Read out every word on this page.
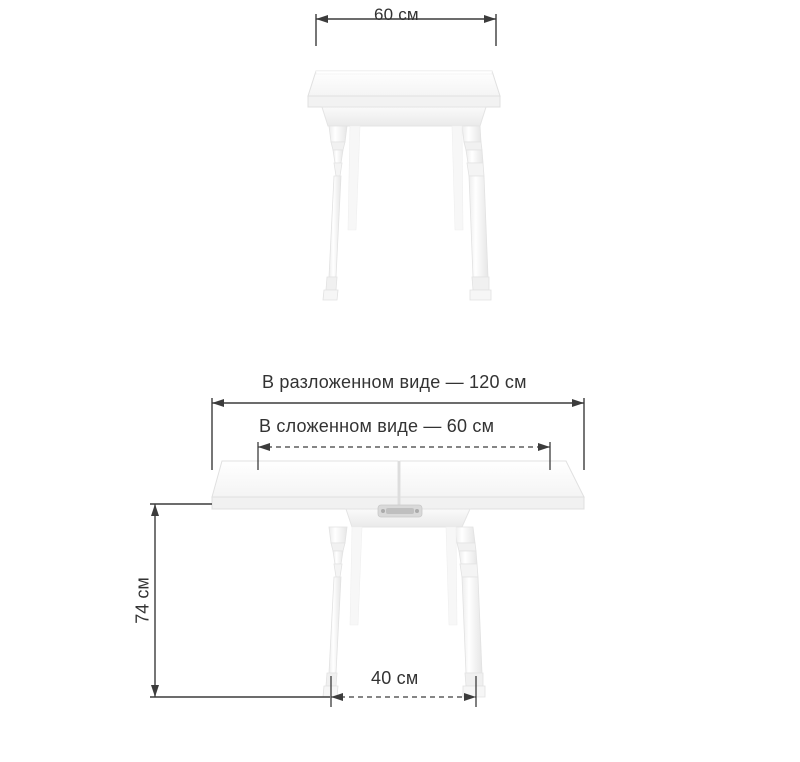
60 см
В разложенном виде — 120 см
В сложенном виде — 60 см
74 см
40 см
